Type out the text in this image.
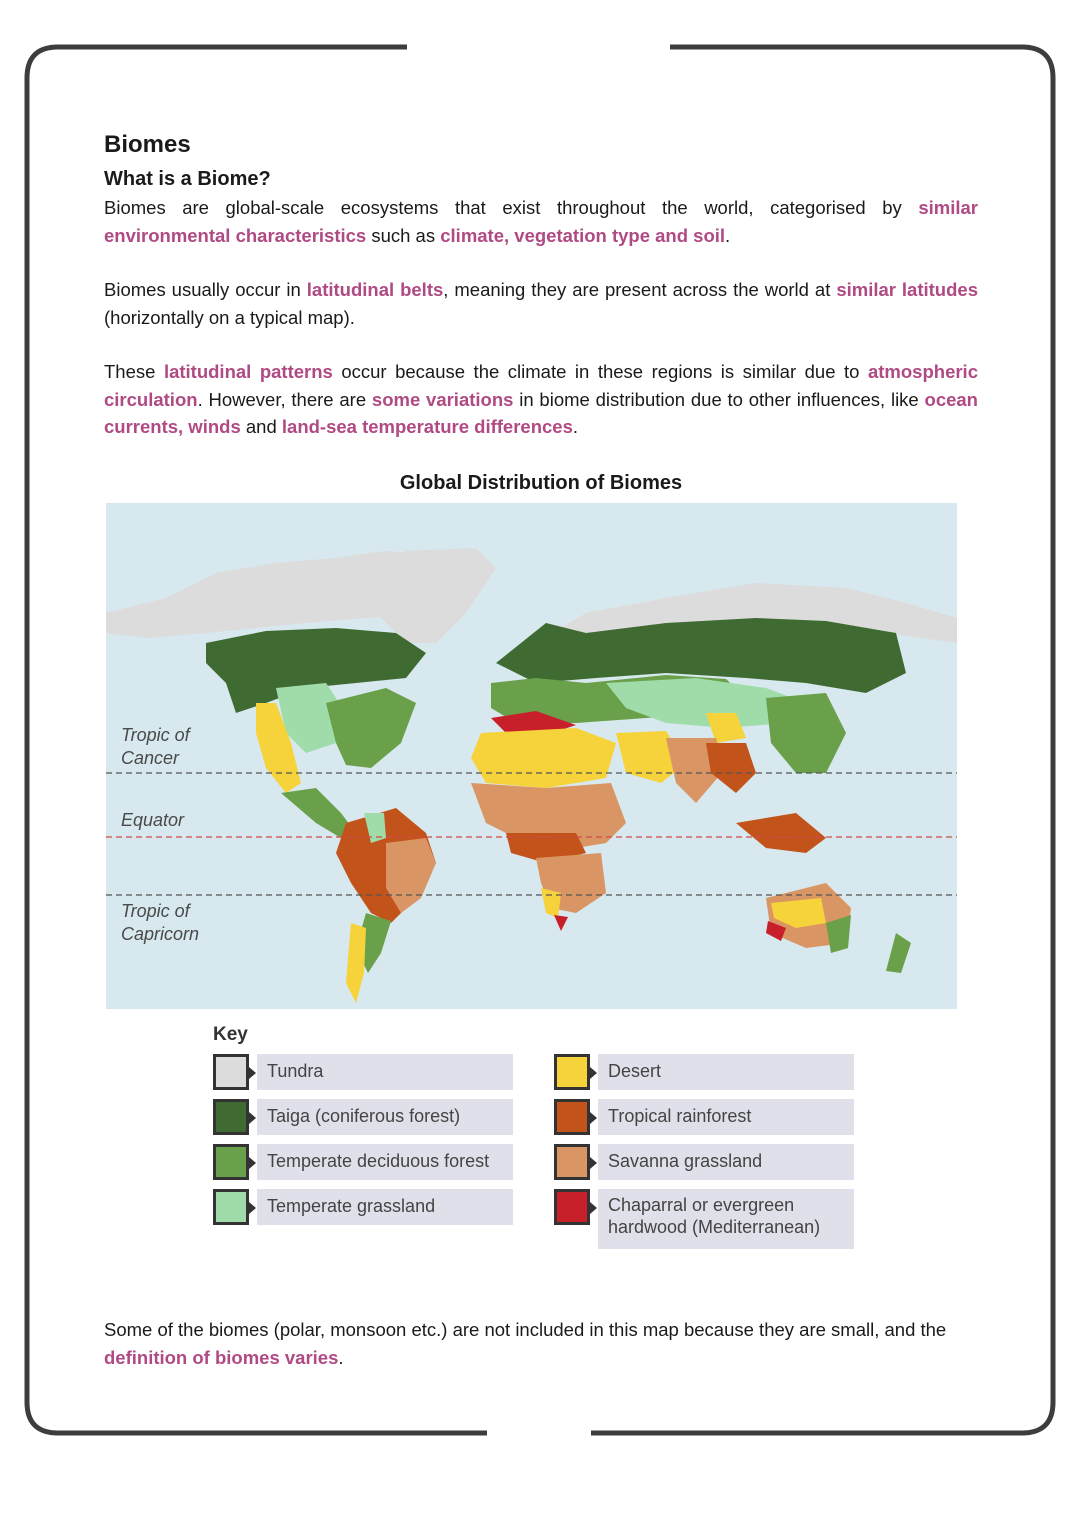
Biomes
What is a Biome?

Biomes are global-scale ecosystems that exist throughout the world, categorised by similar environmental characteristics such as climate, vegetation type and soil.

Biomes usually occur in latitudinal belts, meaning they are present across the world at similar latitudes (horizontally on a typical map).

These latitudinal patterns occur because the climate in these regions is similar due to atmospheric circulation. However, there are some variations in biome distribution due to other influences, like ocean currents, winds and land-sea temperature differences.

Global Distribution of Biomes
Tropic of
Cancer
Equator
Tropic of
Capricorn
Key
Tundra
Taiga (coniferous forest)
Temperate deciduous forest
Temperate grassland
Desert
Tropical rainforest
Savanna grassland
Chaparral or evergreen
hardwood (Mediterranean)
Some of the biomes (polar, monsoon etc.) are not included in this map because they are small, and the definition of biomes varies.
